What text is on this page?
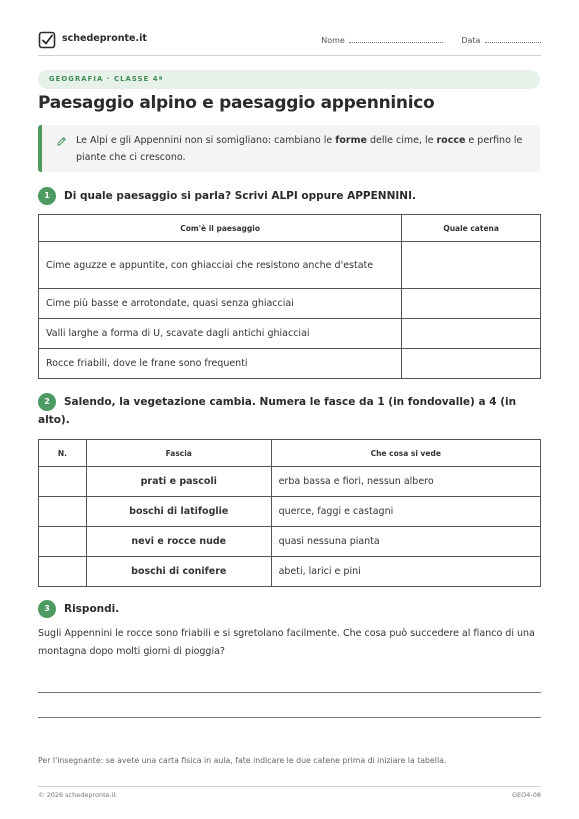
schedepronte.it	Nome	Data
GEOGRAFIA · CLASSE 4ª
Paesaggio alpino e paesaggio appenninico
Le Alpi e gli Appennini non si somigliano: cambiano le forme delle cime, le rocce e perfino le piante che ci crescono.
1	Di quale paesaggio si parla? Scrivi ALPI oppure APPENNINI.
Com'è il paesaggio	Quale catena
Cime aguzze e appuntite, con ghiacciai che resistono anche d'estate	
Cime più basse e arrotondate, quasi senza ghiacciai	
Valli larghe a forma di U, scavate dagli antichi ghiacciai	
Rocce friabili, dove le frane sono frequenti	
2	Salendo, la vegetazione cambia. Numera le fasce da 1 (in fondovalle) a 4 (in alto).
N.	Fascia	Che cosa si vede
	prati e pascoli	erba bassa e fiori, nessun albero
	boschi di latifoglie	querce, faggi e castagni
	nevi e rocce nude	quasi nessuna pianta
	boschi di conifere	abeti, larici e pini
3	Rispondi.
Sugli Appennini le rocce sono friabili e si sgretolano facilmente. Che cosa può succedere al fianco di una montagna dopo molti giorni di pioggia?
Per l'insegnante: se avete una carta fisica in aula, fate indicare le due catene prima di iniziare la tabella.
© 2026 schedepronte.it	GEO4-08
